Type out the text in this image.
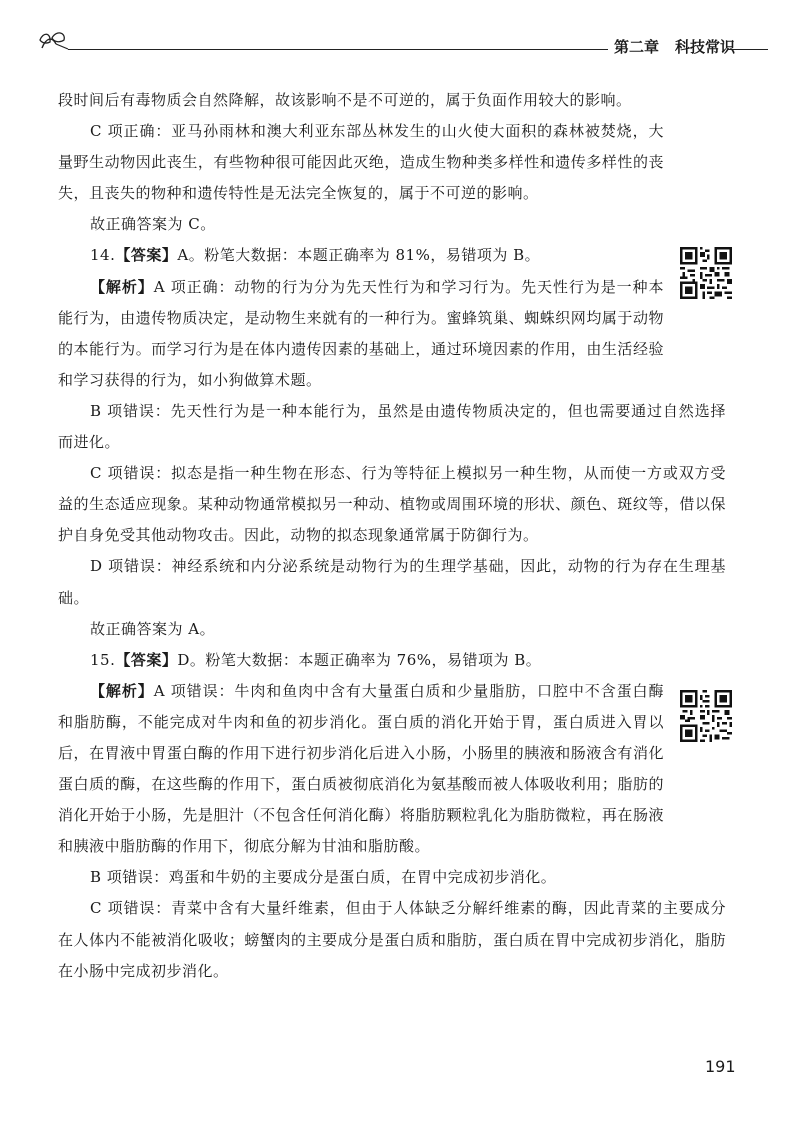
第二章 科技常识

段时间后有毒物质会自然降解，故该影响不是不可逆的，属于负面作用较大的影响。

C 项正确：亚马孙雨林和澳大利亚东部丛林发生的山火使大面积的森林被焚烧，大量野生动物因此丧生，有些物种很可能因此灭绝，造成生物种类多样性和遗传多样性的丧失，且丧失的物种和遗传特性是无法完全恢复的，属于不可逆的影响。

故正确答案为 C。

14.【答案】A。粉笔大数据：本题正确率为 81%，易错项为 B。

【解析】A 项正确：动物的行为分为先天性行为和学习行为。先天性行为是一种本能行为，由遗传物质决定，是动物生来就有的一种行为。蜜蜂筑巢、蜘蛛织网均属于动物的本能行为。而学习行为是在体内遗传因素的基础上，通过环境因素的作用，由生活经验和学习获得的行为，如小狗做算术题。

B 项错误：先天性行为是一种本能行为，虽然是由遗传物质决定的，但也需要通过自然选择而进化。

C 项错误：拟态是指一种生物在形态、行为等特征上模拟另一种生物，从而使一方或双方受益的生态适应现象。某种动物通常模拟另一种动、植物或周围环境的形状、颜色、斑纹等，借以保护自身免受其他动物攻击。因此，动物的拟态现象通常属于防御行为。

D 项错误：神经系统和内分泌系统是动物行为的生理学基础，因此，动物的行为存在生理基础。

故正确答案为 A。

15.【答案】D。粉笔大数据：本题正确率为 76%，易错项为 B。

【解析】A 项错误：牛肉和鱼肉中含有大量蛋白质和少量脂肪，口腔中不含蛋白酶和脂肪酶，不能完成对牛肉和鱼的初步消化。蛋白质的消化开始于胃，蛋白质进入胃以后，在胃液中胃蛋白酶的作用下进行初步消化后进入小肠，小肠里的胰液和肠液含有消化蛋白质的酶，在这些酶的作用下，蛋白质被彻底消化为氨基酸而被人体吸收利用；脂肪的消化开始于小肠，先是胆汁（不包含任何消化酶）将脂肪颗粒乳化为脂肪微粒，再在肠液和胰液中脂肪酶的作用下，彻底分解为甘油和脂肪酸。

B 项错误：鸡蛋和牛奶的主要成分是蛋白质，在胃中完成初步消化。

C 项错误：青菜中含有大量纤维素，但由于人体缺乏分解纤维素的酶，因此青菜的主要成分在人体内不能被消化吸收；螃蟹肉的主要成分是蛋白质和脂肪，蛋白质在胃中完成初步消化，脂肪在小肠中完成初步消化。

191
